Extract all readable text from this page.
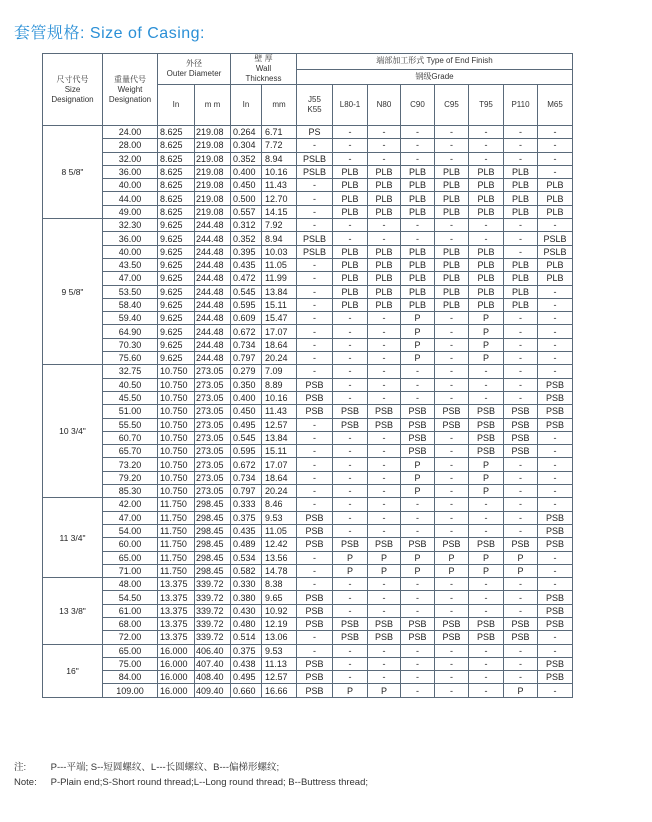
套管规格: Size of Casing:
尺寸代号
Size
Designation	重量代号
Weight
Designation	外径
Outer Diameter		壁 厚
Wall
Thickness		端部加工形式 Type of End Finish							
						钢级Grade							
		In	m m	In	mm	J55
K55	L80-1	N80	C90	C95	T95	P110	M65
8 5/8"	24.00	8.625	219.08	0.264	6.71	PS	-	-	-	-	-	-	-
	28.00	8.625	219.08	0.304	7.72	-	-	-	-	-	-	-	-
	32.00	8.625	219.08	0.352	8.94	PSLB	-	-	-	-	-	-	-
	36.00	8.625	219.08	0.400	10.16	PSLB	PLB	PLB	PLB	PLB	PLB	PLB	-
	40.00	8.625	219.08	0.450	11.43	-	PLB	PLB	PLB	PLB	PLB	PLB	PLB
	44.00	8.625	219.08	0.500	12.70	-	PLB	PLB	PLB	PLB	PLB	PLB	PLB
	49.00	8.625	219.08	0.557	14.15	-	PLB	PLB	PLB	PLB	PLB	PLB	PLB
9 5/8"	32.30	9.625	244.48	0.312	7.92	-	-	-	-	-	-	-	-
	36.00	9.625	244.48	0.352	8.94	PSLB	-	-	-	-	-	-	PSLB
	40.00	9.625	244.48	0.395	10.03	PSLB	PLB	PLB	PLB	PLB	PLB	-	PSLB
	43.50	9.625	244.48	0.435	11.05	-	PLB	PLB	PLB	PLB	PLB	PLB	PLB
	47.00	9.625	244.48	0.472	11.99	-	PLB	PLB	PLB	PLB	PLB	PLB	PLB
	53.50	9.625	244.48	0.545	13.84	-	PLB	PLB	PLB	PLB	PLB	PLB	-
	58.40	9.625	244.48	0.595	15.11	-	PLB	PLB	PLB	PLB	PLB	PLB	-
	59.40	9.625	244.48	0.609	15.47	-	-	-	P	-	P	-	-
	64.90	9.625	244.48	0.672	17.07	-	-	-	P	-	P	-	-
	70.30	9.625	244.48	0.734	18.64	-	-	-	P	-	P	-	-
	75.60	9.625	244.48	0.797	20.24	-	-	-	P	-	P	-	-
10 3/4"	32.75	10.750	273.05	0.279	7.09	-	-	-	-	-	-	-	-
	40.50	10.750	273.05	0.350	8.89	PSB	-	-	-	-	-	-	PSB
	45.50	10.750	273.05	0.400	10.16	PSB	-	-	-	-	-	-	PSB
	51.00	10.750	273.05	0.450	11.43	PSB	PSB	PSB	PSB	PSB	PSB	PSB	PSB
	55.50	10.750	273.05	0.495	12.57	-	PSB	PSB	PSB	PSB	PSB	PSB	PSB
	60.70	10.750	273.05	0.545	13.84	-	-	-	PSB	-	PSB	PSB	-
	65.70	10.750	273.05	0.595	15.11	-	-	-	PSB	-	PSB	PSB	-
	73.20	10.750	273.05	0.672	17.07	-	-	-	P	-	P	-	-
	79.20	10.750	273.05	0.734	18.64	-	-	-	P	-	P	-	-
	85.30	10.750	273.05	0.797	20.24	-	-	-	P	-	P	-	-
11 3/4"	42.00	11.750	298.45	0.333	8.46	-	-	-	-	-	-	-	-
	47.00	11.750	298.45	0.375	9.53	PSB	-	-	-	-	-	-	PSB
	54.00	11.750	298.45	0.435	11.05	PSB	-	-	-	-	-	-	PSB
	60.00	11.750	298.45	0.489	12.42	PSB	PSB	PSB	PSB	PSB	PSB	PSB	PSB
	65.00	11.750	298.45	0.534	13.56	-	P	P	P	P	P	P	-
	71.00	11.750	298.45	0.582	14.78	-	P	P	P	P	P	P	-
13 3/8"	48.00	13.375	339.72	0.330	8.38	-	-	-	-	-	-	-	-
	54.50	13.375	339.72	0.380	9.65	PSB	-	-	-	-	-	-	PSB
	61.00	13.375	339.72	0.430	10.92	PSB	-	-	-	-	-	-	PSB
	68.00	13.375	339.72	0.480	12.19	PSB	PSB	PSB	PSB	PSB	PSB	PSB	PSB
	72.00	13.375	339.72	0.514	13.06	-	PSB	PSB	PSB	PSB	PSB	PSB	-
16"	65.00	16.000	406.40	0.375	9.53	-	-	-	-	-	-	-	-
	75.00	16.000	407.40	0.438	11.13	PSB	-	-	-	-	-	-	PSB
	84.00	16.000	408.40	0.495	12.57	PSB	-	-	-	-	-	-	PSB
	109.00	16.000	409.40	0.660	16.66	PSB	P	P	-	-	-	P	-
注:	P---平端; S--短圆螺纹、L---长圆螺纹、B---偏梯形螺纹;
Note: P-Plain end;S-Short round thread;L--Long round thread; B--Buttress thread;
